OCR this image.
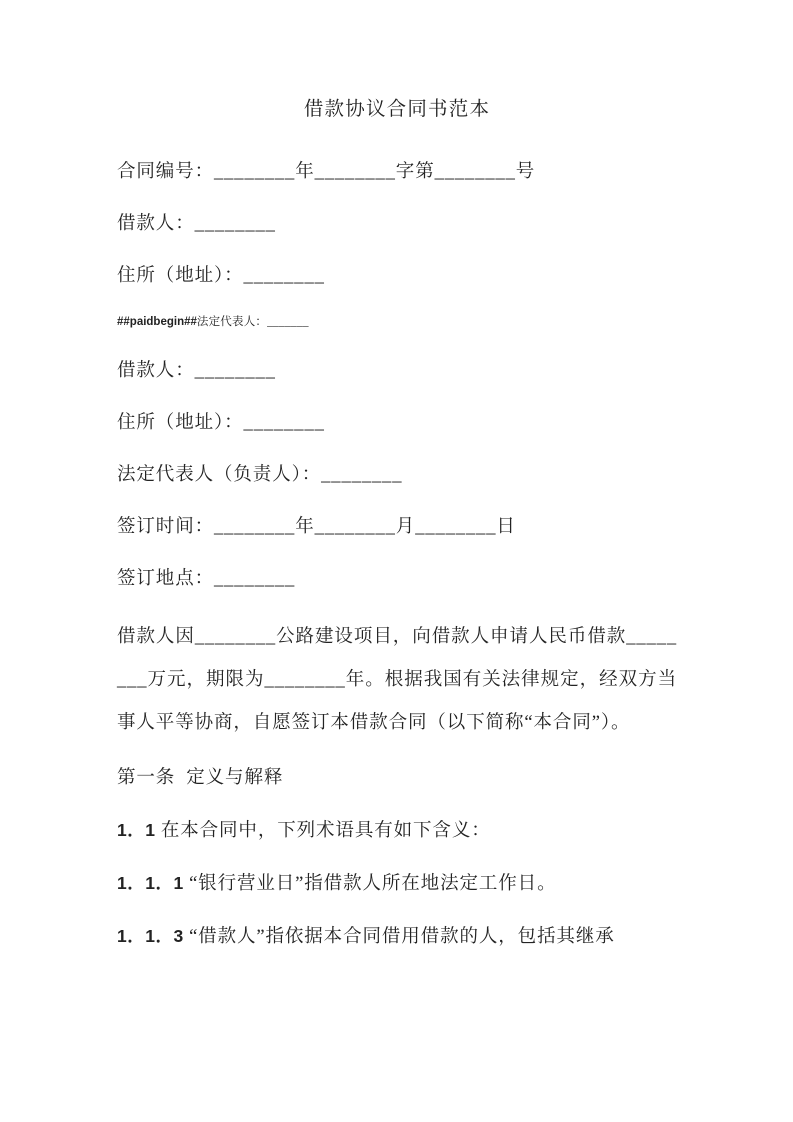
借款协议合同书范本

合同编号：________年________字第________号

借款人：________

住所（地址）：________

##paidbegin##法定代表人：_______

借款人：________

住所（地址）：________

法定代表人（负责人）：________

签订时间：________年________月________日

签订地点：________

借款人因________公路建设项目，向借款人申请人民币借款________万元，期限为________年。根据我国有关法律规定，经双方当事人平等协商，自愿签订本借款合同（以下简称“本合同”）。

第一条  定义与解释

1．1 在本合同中，下列术语具有如下含义：

1．1．1 “银行营业日”指借款人所在地法定工作日。

1．1．3 “借款人”指依据本合同借用借款的人，包括其继承
